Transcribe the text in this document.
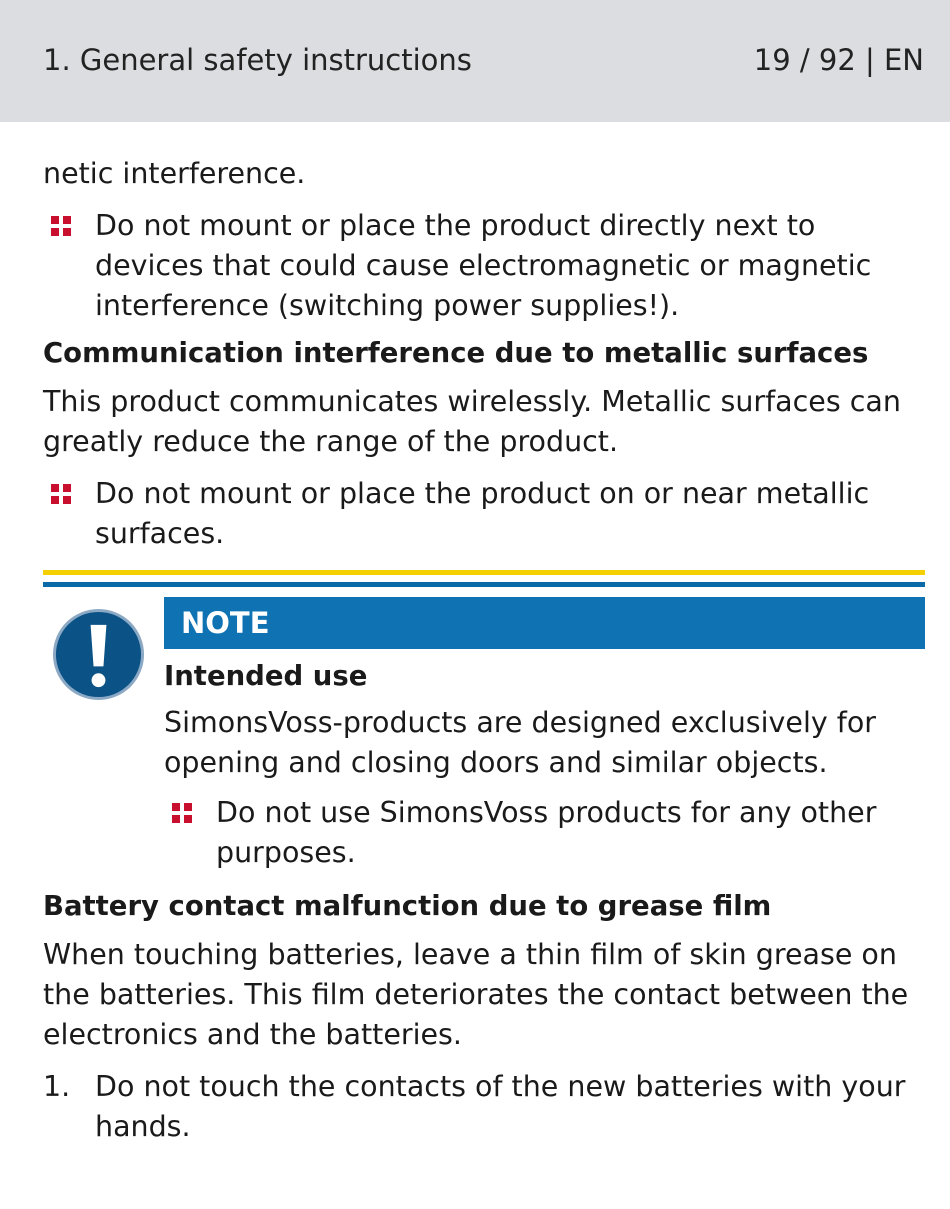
1. General safety instructions	19 / 92 | EN

netic interference.

Do not mount or place the product directly next to devices that could cause electromagnetic or magnetic interference (switching power supplies!).
Communication interference due to metallic surfaces

This product communicates wirelessly. Metallic surfaces can greatly reduce the range of the product.

Do not mount or place the product on or near metallic surfaces.
NOTE
Intended use

SimonsVoss-products are designed exclusively for opening and closing doors and similar objects.

Do not use SimonsVoss products for any other purposes.
Battery contact malfunction due to grease film

When touching batteries, leave a thin film of skin grease on the batteries. This film deteriorates the contact between the electronics and the batteries.

1. Do not touch the contacts of the new batteries with your hands.
